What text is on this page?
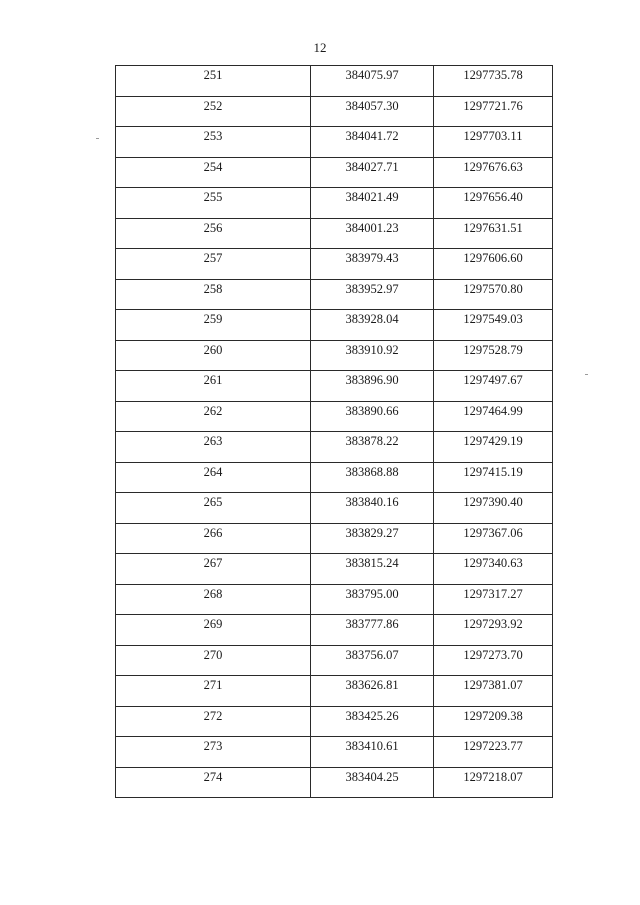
12
251	384075.97	1297735.78
252	384057.30	1297721.76
253	384041.72	1297703.11
254	384027.71	1297676.63
255	384021.49	1297656.40
256	384001.23	1297631.51
257	383979.43	1297606.60
258	383952.97	1297570.80
259	383928.04	1297549.03
260	383910.92	1297528.79
261	383896.90	1297497.67
262	383890.66	1297464.99
263	383878.22	1297429.19
264	383868.88	1297415.19
265	383840.16	1297390.40
266	383829.27	1297367.06
267	383815.24	1297340.63
268	383795.00	1297317.27
269	383777.86	1297293.92
270	383756.07	1297273.70
271	383626.81	1297381.07
272	383425.26	1297209.38
273	383410.61	1297223.77
274	383404.25	1297218.07
